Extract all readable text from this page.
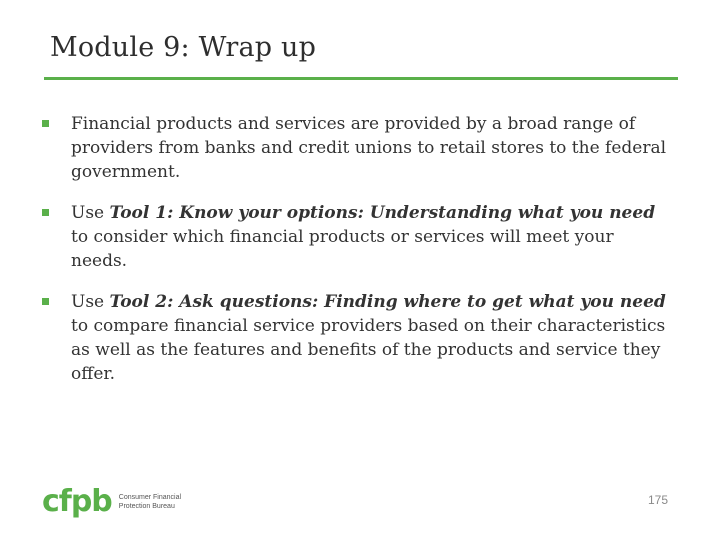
Module 9: Wrap up
Financial products and services are provided by a broad range of providers from banks and credit unions to retail stores to the federal government.
Use Tool 1: Know your options: Understanding what you need to consider which financial products or services will meet your needs.
Use Tool 2: Ask questions: Finding where to get what you need to compare financial service providers based on their characteristics as well as the features and benefits of the products and service they offer.
cfpb Consumer Financial
Protection Bureau	175
